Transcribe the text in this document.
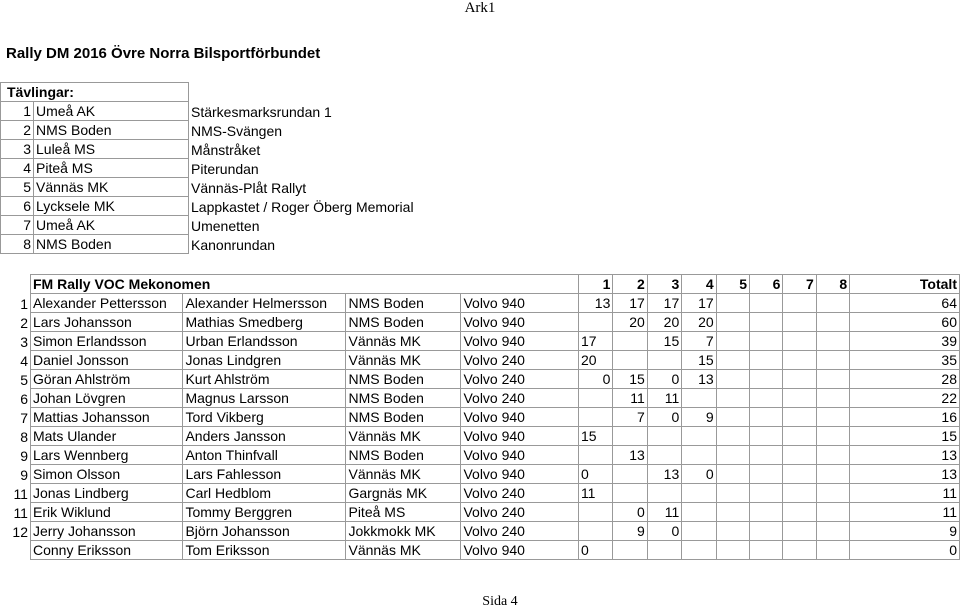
Ark1
Rally DM 2016 Övre Norra Bilsportförbundet
Tävlingar:		
1	Umeå AK	Stärkesmarksrundan 1
2	NMS Boden	NMS-Svängen
3	Luleå MS	Månstråket
4	Piteå MS	Piterundan
5	Vännäs MK	Vännäs-Plåt Rallyt
6	Lycksele MK	Lappkastet / Roger Öberg Memorial
7	Umeå AK	Umenetten
8	NMS Boden	Kanonrundan
	FM Rally VOC Mekonomen				1	2	3	4	5	6	7	8	Totalt
1	Alexander Pettersson	Alexander Helmersson	NMS Boden	Volvo 940	13	17	17	17					64
2	Lars Johansson	Mathias Smedberg	NMS Boden	Volvo 940		20	20	20					60
3	Simon Erlandsson	Urban Erlandsson	Vännäs MK	Volvo 940	17		15	7					39
4	Daniel Jonsson	Jonas Lindgren	Vännäs MK	Volvo 240	20			15					35
5	Göran Ahlström	Kurt Ahlström	NMS Boden	Volvo 240	0	15	0	13					28
6	Johan Lövgren	Magnus Larsson	NMS Boden	Volvo 240		11	11						22
7	Mattias Johansson	Tord Vikberg	NMS Boden	Volvo 940		7	0	9					16
8	Mats Ulander	Anders Jansson	Vännäs MK	Volvo 940	15								15
9	Lars Wennberg	Anton Thinfvall	NMS Boden	Volvo 940		13							13
9	Simon Olsson	Lars Fahlesson	Vännäs MK	Volvo 940	0		13	0					13
11	Jonas Lindberg	Carl Hedblom	Gargnäs MK	Volvo 240	11								11
11	Erik Wiklund	Tommy Berggren	Piteå MS	Volvo 240		0	11						11
12	Jerry Johansson	Björn Johansson	Jokkmokk MK	Volvo 240		9	0						9
	Conny Eriksson	Tom Eriksson	Vännäs MK	Volvo 940	0								0
Sida 4
